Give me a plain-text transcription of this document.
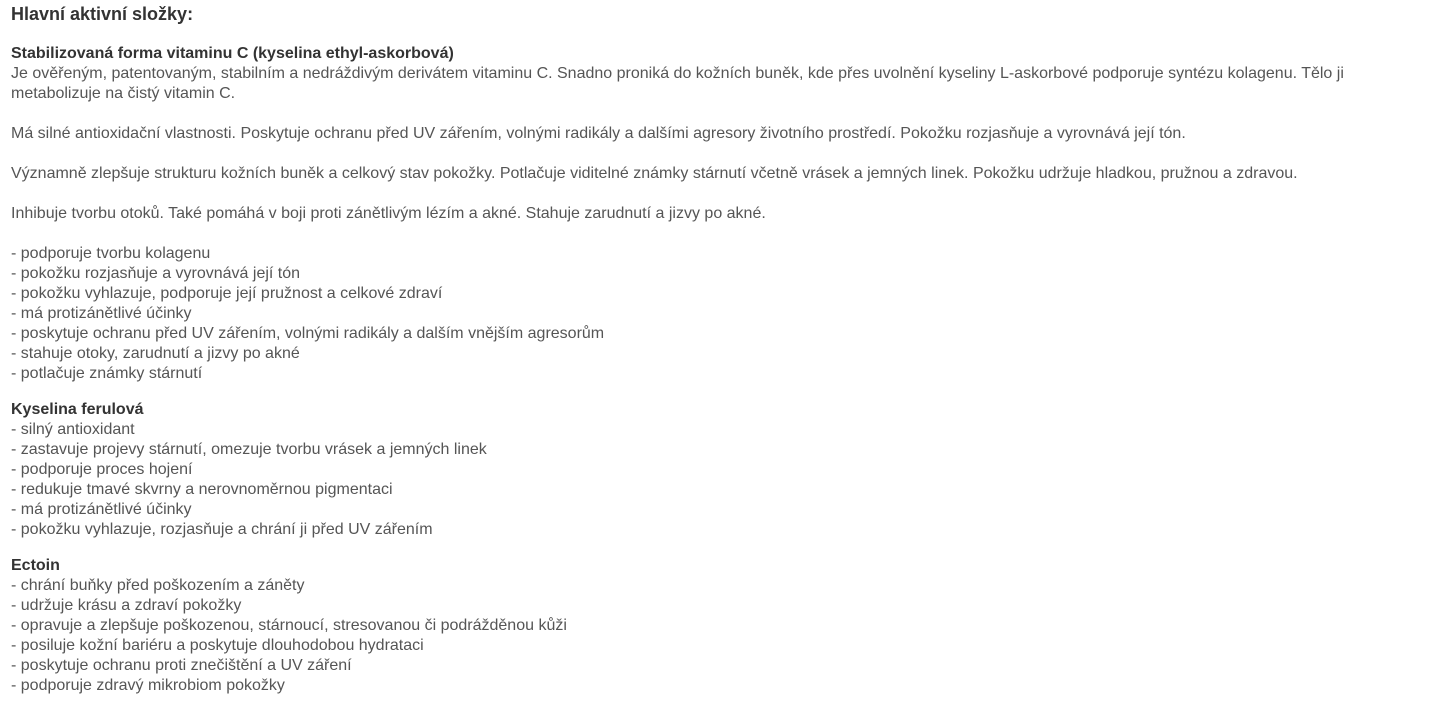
Hlavní aktivní složky:
Stabilizovaná forma vitaminu C (kyselina ethyl-askorbová)

Je ověřeným, patentovaným, stabilním a nedráždivým derivátem vitaminu C. Snadno proniká do kožních buněk, kde přes uvolnění kyseliny L-askorbové podporuje syntézu kolagenu. Tělo ji metabolizuje na čistý vitamin C.

Má silné antioxidační vlastnosti. Poskytuje ochranu před UV zářením, volnými radikály a dalšími agresory životního prostředí. Pokožku rozjasňuje a vyrovnává její tón.

Významně zlepšuje strukturu kožních buněk a celkový stav pokožky. Potlačuje viditelné známky stárnutí včetně vrásek a jemných linek. Pokožku udržuje hladkou, pružnou a zdravou.

Inhibuje tvorbu otoků. Také pomáhá v boji proti zánětlivým lézím a akné. Stahuje zarudnutí a jizvy po akné.

- podporuje tvorbu kolagenu
- pokožku rozjasňuje a vyrovnává její tón
- pokožku vyhlazuje, podporuje její pružnost a celkové zdraví
- má protizánětlivé účinky
- poskytuje ochranu před UV zářením, volnými radikály a dalším vnějším agresorům
- stahuje otoky, zarudnutí a jizvy po akné
- potlačuje známky stárnutí
Kyselina ferulová
- silný antioxidant
- zastavuje projevy stárnutí, omezuje tvorbu vrásek a jemných linek
- podporuje proces hojení
- redukuje tmavé skvrny a nerovnoměrnou pigmentaci
- má protizánětlivé účinky
- pokožku vyhlazuje, rozjasňuje a chrání ji před UV zářením
Ectoin
- chrání buňky před poškozením a záněty
- udržuje krásu a zdraví pokožky
- opravuje a zlepšuje poškozenou, stárnoucí, stresovanou či podrážděnou kůži
- posiluje kožní bariéru a poskytuje dlouhodobou hydrataci
- poskytuje ochranu proti znečištění a UV záření
- podporuje zdravý mikrobiom pokožky
